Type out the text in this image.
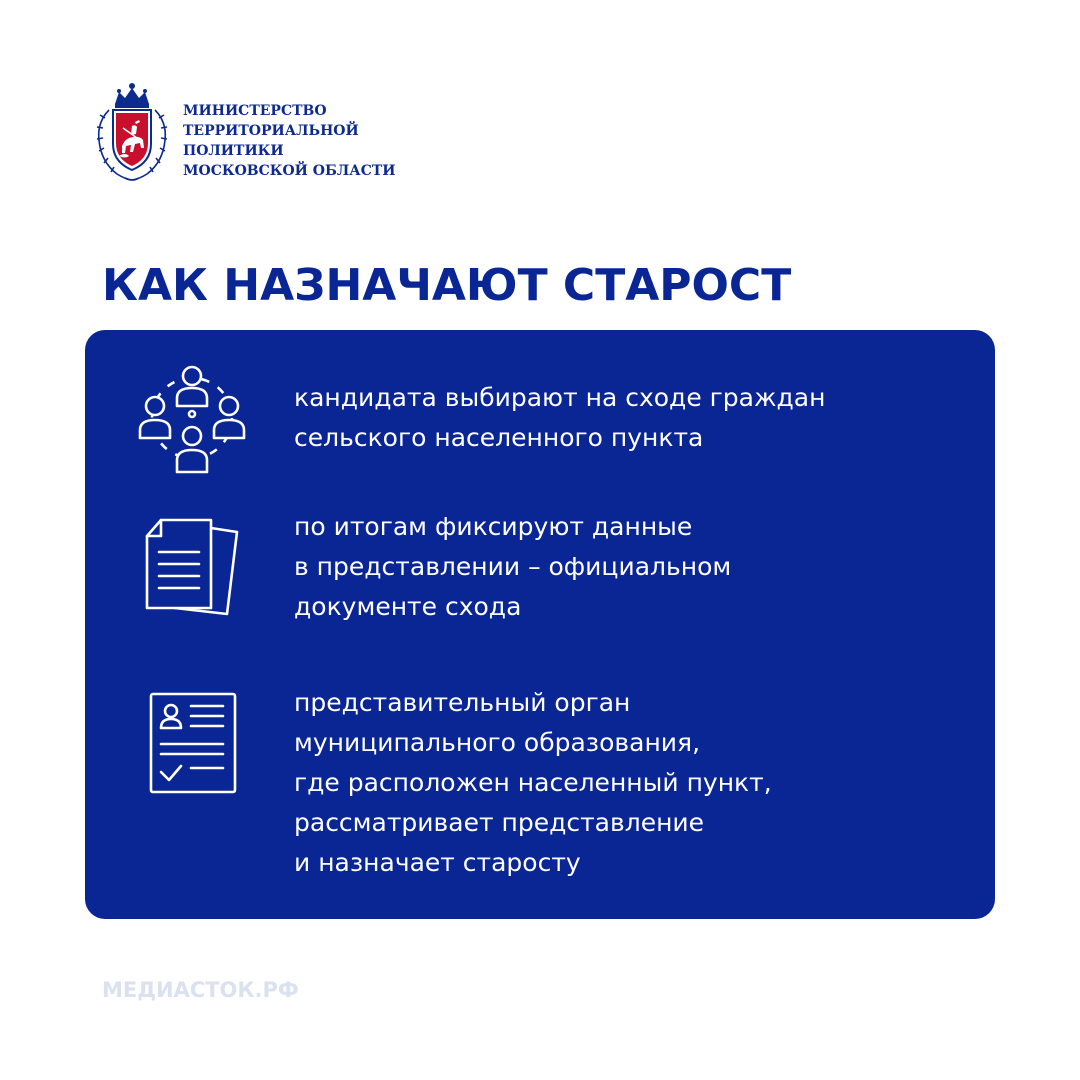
МИНИСТЕРСТВО
ТЕРРИТОРИАЛЬНОЙ
ПОЛИТИКИ
МОСКОВСКОЙ ОБЛАСТИ
КАК НАЗНАЧАЮТ СТАРОСТ
кандидата выбирают на сходе граждан
сельского населенного пункта
по итогам фиксируют данные
в представлении – официальном
документе схода
представительный орган
муниципального образования,
где расположен населенный пункт,
рассматривает представление
и назначает старосту
МЕДИАСТОК.РФ
